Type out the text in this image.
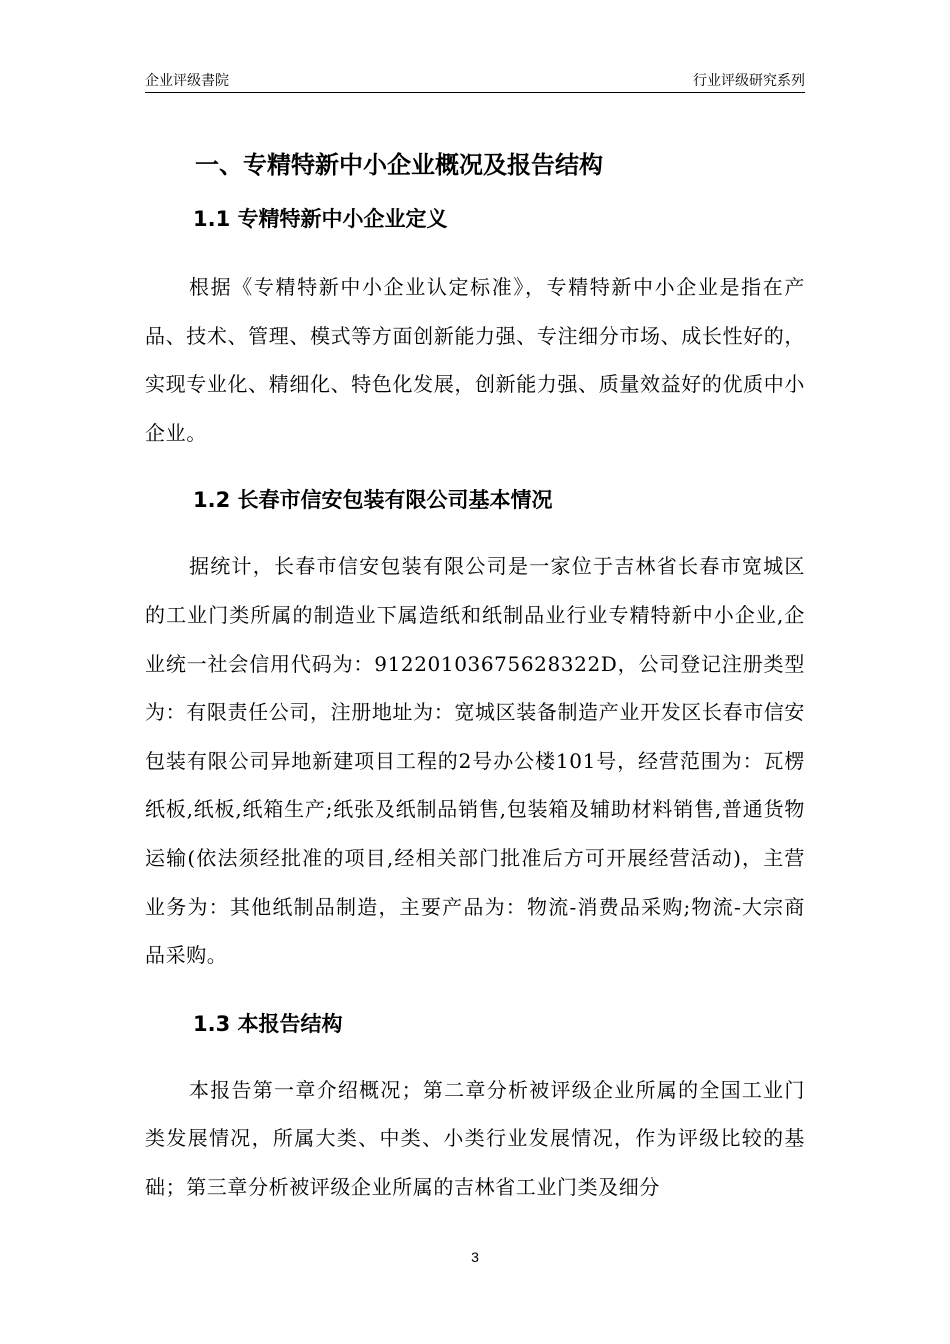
企业评级書院	行业评级研究系列
一、专精特新中小企业概况及报告结构
1.1 专精特新中小企业定义

根据《专精特新中小企业认定标准》，专精特新中小企业是指在产品、技术、管理、模式等方面创新能力强、专注细分市场、成长性好的，实现专业化、精细化、特色化发展，创新能力强、质量效益好的优质中小企业。

1.2 长春市信安包装有限公司基本情况

据统计，长春市信安包装有限公司是一家位于吉林省长春市宽城区的工业门类所属的制造业下属造纸和纸制品业行业专精特新中小企业,企业统一社会信用代码为：91220103675628322D，公司登记注册类型为：有限责任公司，注册地址为：宽城区装备制造产业开发区长春市信安包装有限公司异地新建项目工程的2号办公楼101号，经营范围为：瓦楞纸板,纸板,纸箱生产;纸张及纸制品销售,包装箱及辅助材料销售,普通货物运输(依法须经批准的项目,经相关部门批准后方可开展经营活动)，主营业务为：其他纸制品制造，主要产品为：物流-消费品采购;物流-大宗商品采购。

1.3 本报告结构

本报告第一章介绍概况；第二章分析被评级企业所属的全国工业门类发展情况，所属大类、中类、小类行业发展情况，作为评级比较的基础；第三章分析被评级企业所属的吉林省工业门类及细分

3
